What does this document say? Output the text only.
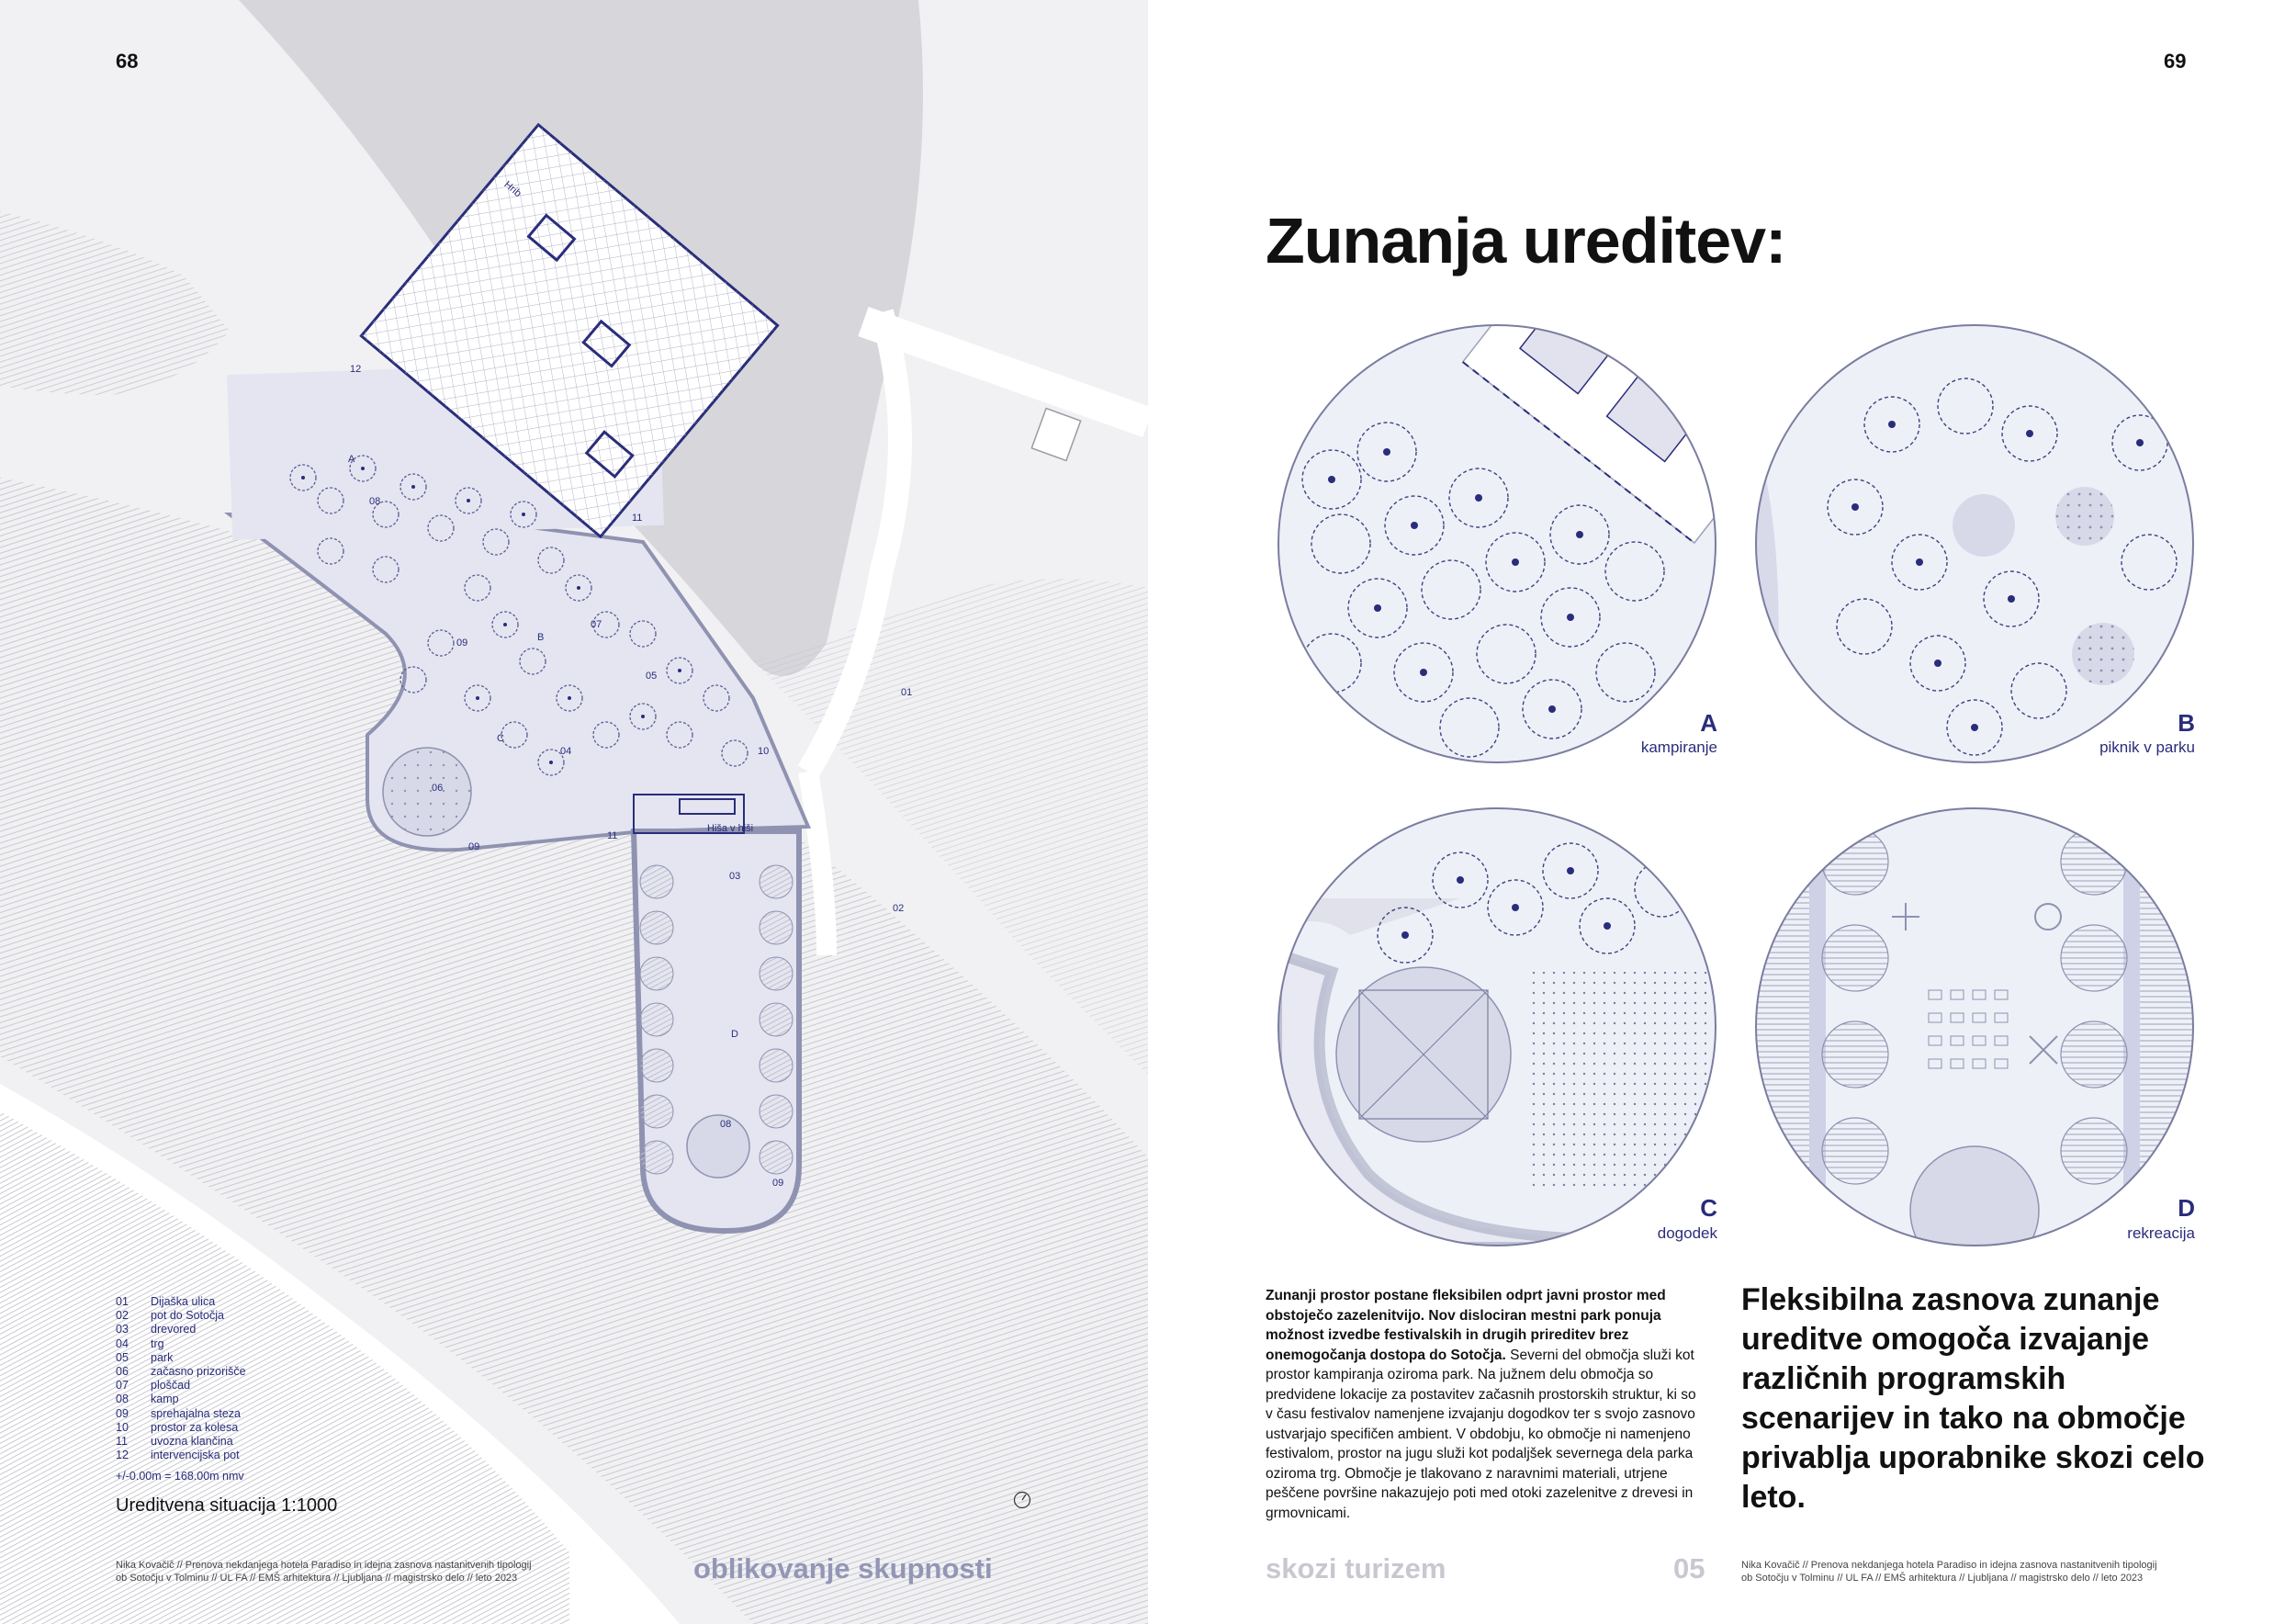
68
Hrib
Hiša v hiši
A
B
C
D
12
08
11
09
07
05
04
06
10
01
09
11
03
02
08
09
01	Dijaška ulica
02	pot do Sotočja
03	drevored
04	trg
05	park
06	začasno prizorišče
07	ploščad
08	kamp
09	sprehajalna steza
10	prostor za kolesa
11	uvozna klančina
12	intervencijska pot
+/-0.00m = 168.00m nmv
Ureditvena situacija 1:1000
Nika Kovačič // Prenova nekdanjega hotela Paradiso in idejna zasnova nastanitvenih tipologij
ob Sotočju v Tolminu // UL FA // EMŠ arhitektura // Ljubljana // magistrsko delo // leto 2023	oblikovanje skupnosti
69
Zunanja ureditev:
A
kampiranje
B
piknik v parku
C
dogodek
D
rekreacija
Zunanji prostor postane fleksibilen odprt javni prostor med obstoječo zazelenitvijo. Nov dislociran mestni park ponuja možnost izvedbe festivalskih in drugih prireditev brez onemogočanja dostopa do Sotočja. Severni del območja služi kot prostor kampiranja oziroma park. Na južnem delu območja so predvidene lokacije za postavitev začasnih prostorskih struktur, ki so v času festivalov namenjene izvajanju dogodkov ter s svojo zasnovo ustvarjajo specifičen ambient. V obdobju, ko območje ni namenjeno festivalom, prostor na jugu služi kot podaljšek severnega dela parka oziroma trg. Območje je tlakovano z naravnimi materiali, utrjene peščene površine nakazujejo poti med otoki zazelenitve z drevesi in grmovnicami.
Fleksibilna zasnova zunanje ureditve omogoča izvajanje različnih programskih scenarijev in tako na območje privablja uporabnike skozi celo leto.
skozi turizem	05	Nika Kovačič // Prenova nekdanjega hotela Paradiso in idejna zasnova nastanitvenih tipologij
ob Sotočju v Tolminu // UL FA // EMŠ arhitektura // Ljubljana // magistrsko delo // leto 2023
